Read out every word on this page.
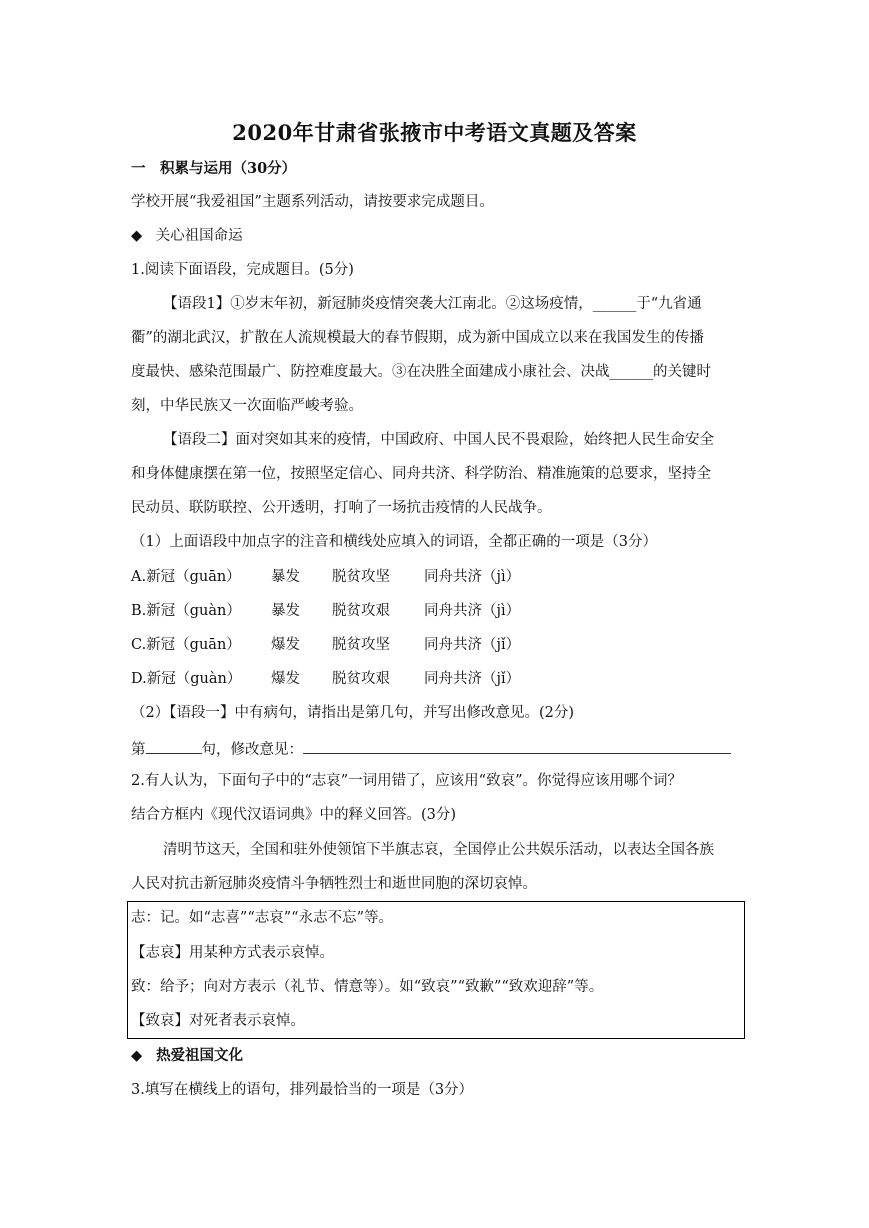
2020年甘肃省张掖市中考语文真题及答案
一　积累与运用（30分）
学校开展“我爱祖国”主题系列活动，请按要求完成题目。
◆ 关心祖国命运
1.阅读下面语段，完成题目。(5分)
【语段1】①岁末年初，新冠肺炎疫情突袭大江南北。②这场疫情，______于“九省通
衢”的湖北武汉，扩散在人流规模最大的春节假期，成为新中国成立以来在我国发生的传播
度最快、感染范围最广、防控难度最大。③在决胜全面建成小康社会、决战______的关键时
刻，中华民族又一次面临严峻考验。
【语段二】面对突如其来的疫情，中国政府、中国人民不畏艰险，始终把人民生命安全
和身体健康摆在第一位，按照坚定信心、同舟共济、科学防治、精准施策的总要求，坚持全
民动员、联防联控、公开透明，打响了一场抗击疫情的人民战争。
（1）上面语段中加点字的注音和横线处应填入的词语，全都正确的一项是（3分）
A.新冠（guān） 暴发 脱贫攻坚 同舟共济（jì）
B.新冠（guàn） 暴发 脱贫攻艰 同舟共济（jì）
C.新冠（guān） 爆发 脱贫攻坚 同舟共济（jǐ）
D.新冠（guàn） 爆发 脱贫攻艰 同舟共济（jǐ）
（2）【语段一】中有病句，请指出是第几句，并写出修改意见。(2分)
第	句，修改意见：
2.有人认为，下面句子中的“志哀”一词用错了，应该用“致哀”。你觉得应该用哪个词？
结合方框内《现代汉语词典》中的释义回答。(3分)
清明节这天，全国和驻外使领馆下半旗志哀，全国停止公共娱乐活动，以表达全国各族
人民对抗击新冠肺炎疫情斗争牺牲烈士和逝世同胞的深切哀悼。
志：记。如“志喜”“志哀”“永志不忘”等。
【志哀】用某种方式表示哀悼。
致：给予；向对方表示（礼节、情意等）。如“致哀”“致歉”“致欢迎辞”等。
【致哀】对死者表示哀悼。
◆ 热爱祖国文化
3.填写在横线上的语句，排列最恰当的一项是（3分）
